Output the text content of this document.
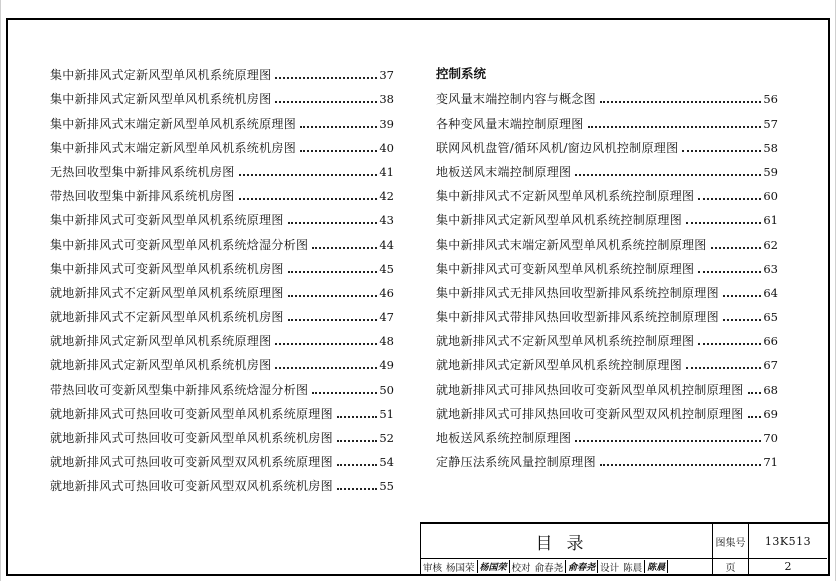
集中新排风式定新风型单风机系统原理图	37
集中新排风式定新风型单风机系统机房图	38
集中新排风式末端定新风型单风机系统原理图	39
集中新排风式末端定新风型单风机系统机房图	40
无热回收型集中新排风系统机房图	41
带热回收型集中新排风系统机房图	42
集中新排风式可变新风型单风机系统原理图	43
集中新排风式可变新风型单风机系统焓湿分析图	44
集中新排风式可变新风型单风机系统机房图	45
就地新排风式不定新风型单风机系统原理图	46
就地新排风式不定新风型单风机系统机房图	47
就地新排风式定新风型单风机系统原理图	48
就地新排风式定新风型单风机系统机房图	49
带热回收可变新风型集中新排风系统焓湿分析图	50
就地新排风式可热回收可变新风型单风机系统原理图	51
就地新排风式可热回收可变新风型单风机系统机房图	52
就地新排风式可热回收可变新风型双风机系统原理图	54
就地新排风式可热回收可变新风型双风机系统机房图	55
控制系统
变风量末端控制内容与概念图	56
各种变风量末端控制原理图	57
联网风机盘管/循环风机/窗边风机控制原理图	58
地板送风末端控制原理图	59
集中新排风式不定新风型单风机系统控制原理图	60
集中新排风式定新风型单风机系统控制原理图	61
集中新排风式末端定新风型单风机系统控制原理图	62
集中新排风式可变新风型单风机系统控制原理图	63
集中新排风式无排风热回收型新排风系统控制原理图	64
集中新排风式带排风热回收型新排风系统控制原理图	65
就地新排风式不定新风型单风机系统控制原理图	66
就地新排风式定新风型单风机系统控制原理图	67
就地新排风式可排风热回收可变新风型单风机控制原理图 68
就地新排风式可排风热回收可变新风型双风机控制原理图 69
地板送风系统控制原理图	70
定静压法系统风量控制原理图	71
目录	图集号	13K513
审核 杨国荣 杨国荣 校对 俞春尧 俞春尧 设计 陈晨 陈晨	页	2
